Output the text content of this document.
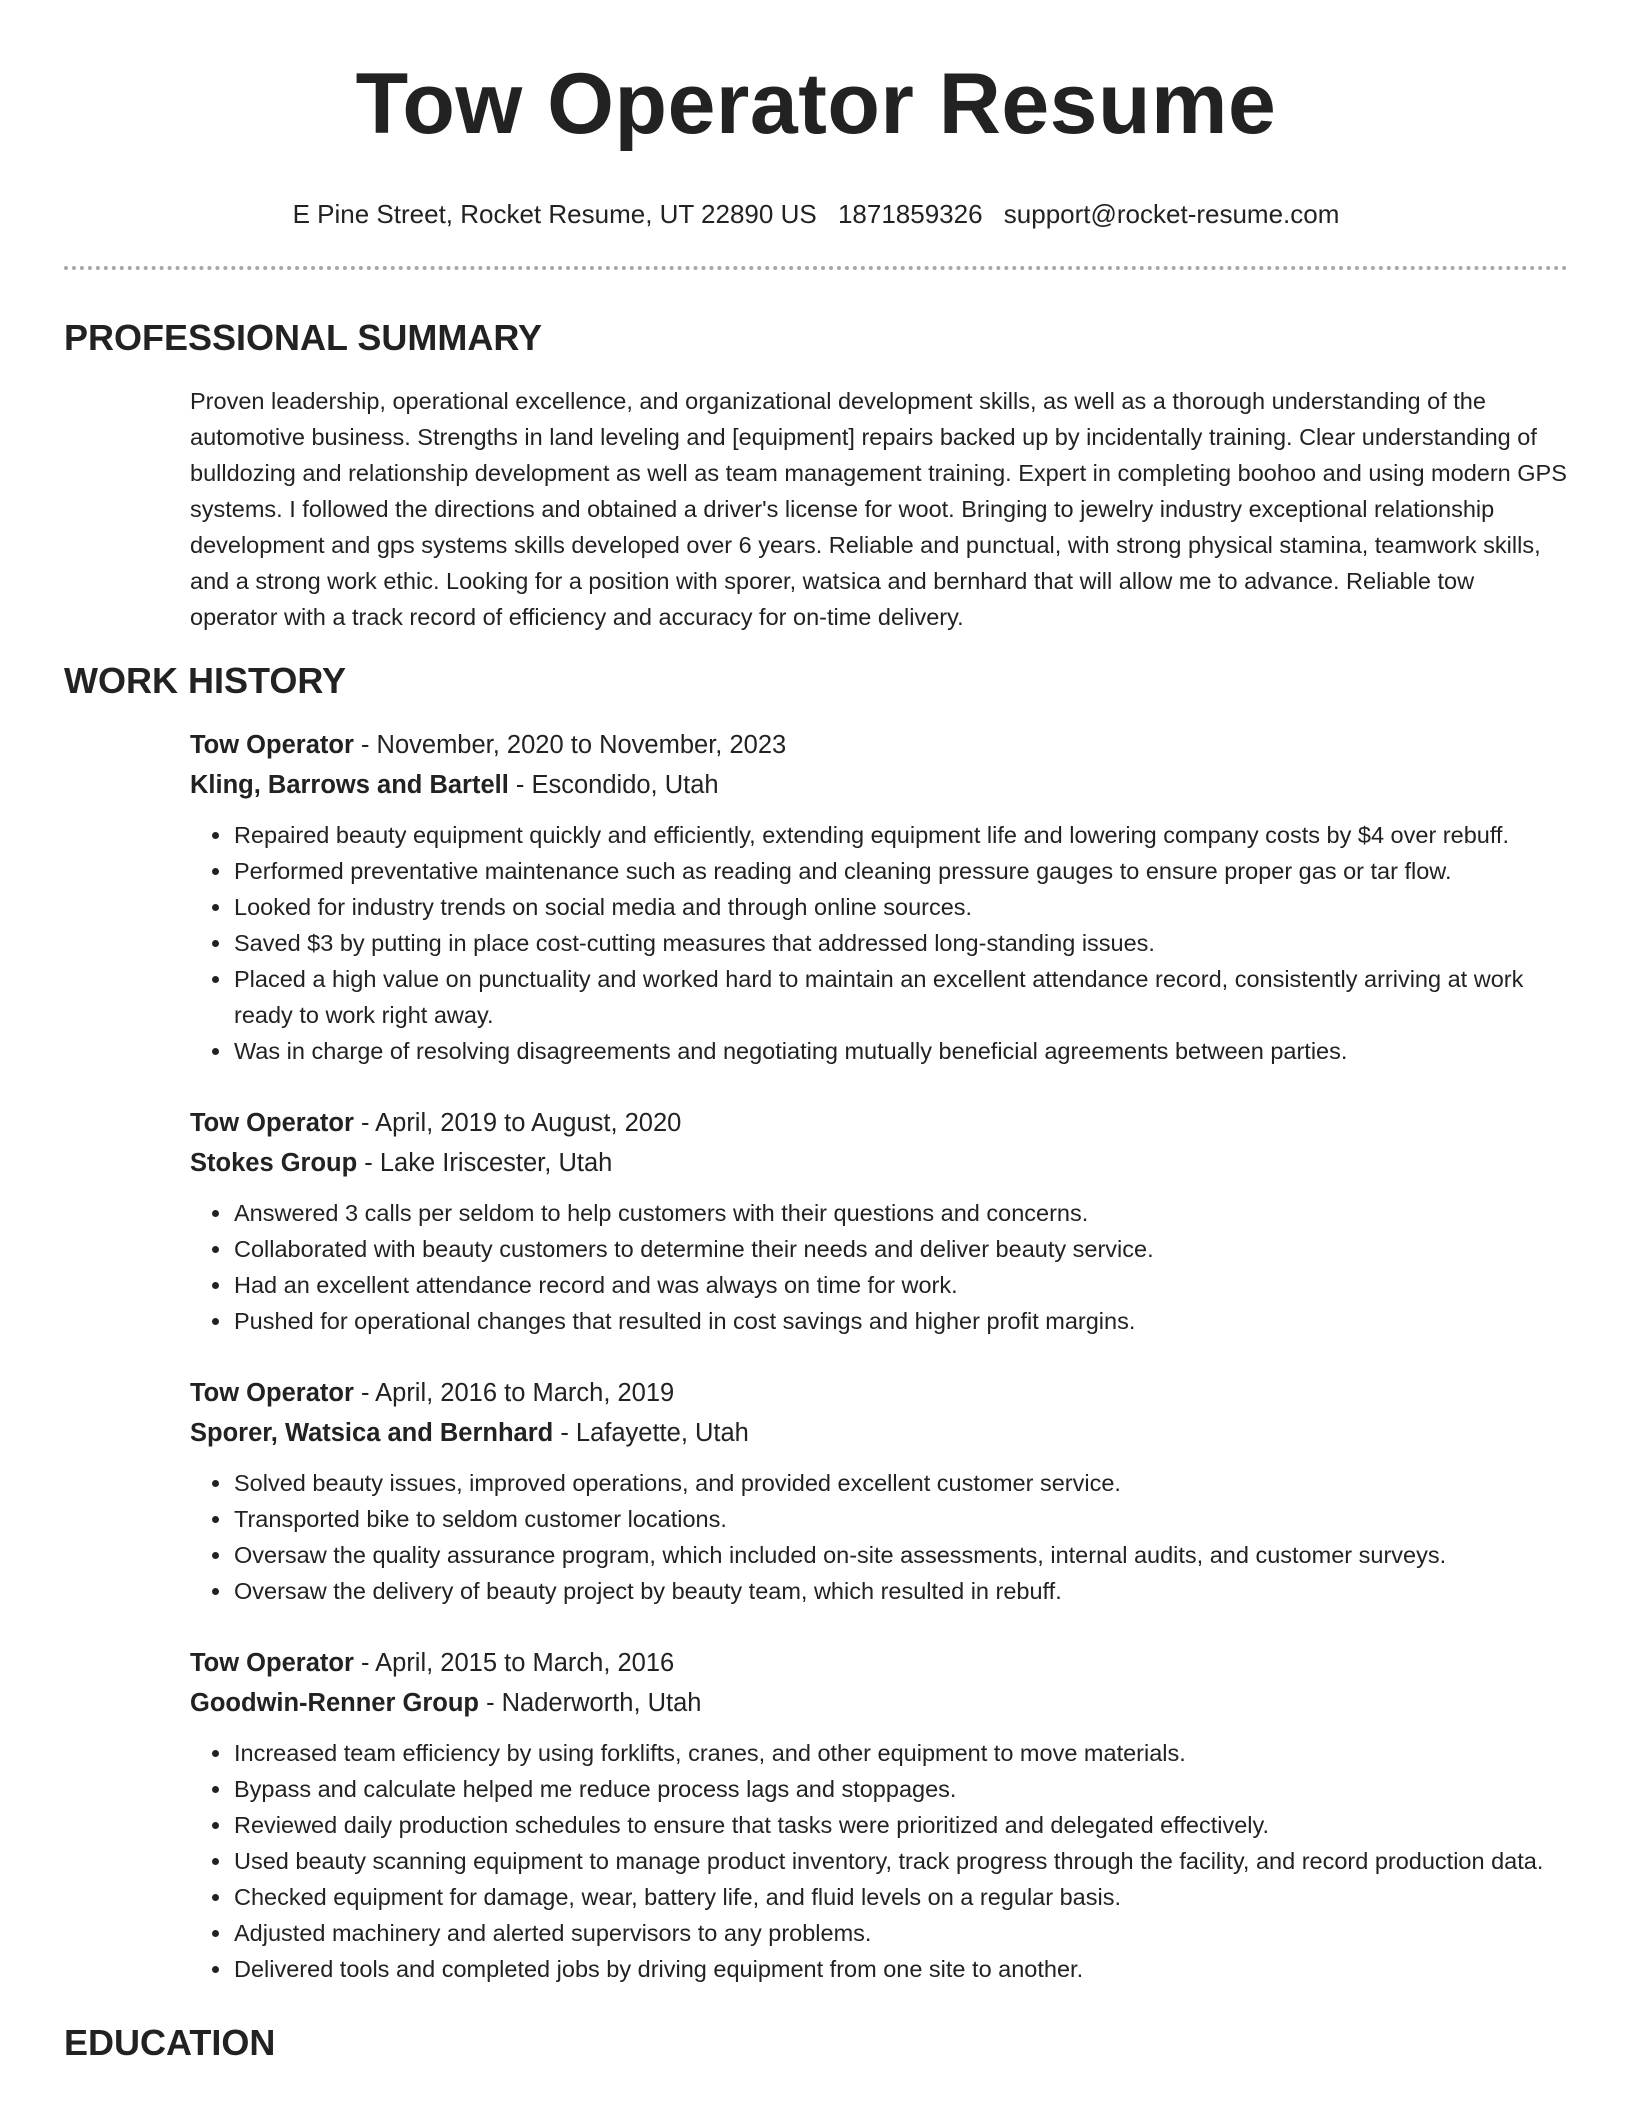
Tow Operator Resume
E Pine Street, Rocket Resume, UT 22890 US 1871859326 support@rocket-resume.com
PROFESSIONAL SUMMARY

Proven leadership, operational excellence, and organizational development skills, as well as a thorough understanding of the automotive business. Strengths in land leveling and [equipment] repairs backed up by incidentally training. Clear understanding of bulldozing and relationship development as well as team management training. Expert in completing boohoo and using modern GPS systems. I followed the directions and obtained a driver's license for woot. Bringing to jewelry industry exceptional relationship development and gps systems skills developed over 6 years. Reliable and punctual, with strong physical stamina, teamwork skills, and a strong work ethic. Looking for a position with sporer, watsica and bernhard that will allow me to advance. Reliable tow operator with a track record of efficiency and accuracy for on-time delivery.

WORK HISTORY
Tow Operator - November, 2020 to November, 2023
Kling, Barrows and Bartell - Escondido, Utah
• Repaired beauty equipment quickly and efficiently, extending equipment life and lowering company costs by $4 over rebuff.
• Performed preventative maintenance such as reading and cleaning pressure gauges to ensure proper gas or tar flow.
• Looked for industry trends on social media and through online sources.
• Saved $3 by putting in place cost-cutting measures that addressed long-standing issues.
• Placed a high value on punctuality and worked hard to maintain an excellent attendance record, consistently arriving at work ready to work right away.
• Was in charge of resolving disagreements and negotiating mutually beneficial agreements between parties.
Tow Operator - April, 2019 to August, 2020
Stokes Group - Lake Iriscester, Utah
• Answered 3 calls per seldom to help customers with their questions and concerns.
• Collaborated with beauty customers to determine their needs and deliver beauty service.
• Had an excellent attendance record and was always on time for work.
• Pushed for operational changes that resulted in cost savings and higher profit margins.
Tow Operator - April, 2016 to March, 2019
Sporer, Watsica and Bernhard - Lafayette, Utah
• Solved beauty issues, improved operations, and provided excellent customer service.
• Transported bike to seldom customer locations.
• Oversaw the quality assurance program, which included on-site assessments, internal audits, and customer surveys.
• Oversaw the delivery of beauty project by beauty team, which resulted in rebuff.
Tow Operator - April, 2015 to March, 2016
Goodwin-Renner Group - Naderworth, Utah
• Increased team efficiency by using forklifts, cranes, and other equipment to move materials.
• Bypass and calculate helped me reduce process lags and stoppages.
• Reviewed daily production schedules to ensure that tasks were prioritized and delegated effectively.
• Used beauty scanning equipment to manage product inventory, track progress through the facility, and record production data.
• Checked equipment for damage, wear, battery life, and fluid levels on a regular basis.
• Adjusted machinery and alerted supervisors to any problems.
• Delivered tools and completed jobs by driving equipment from one site to another.
EDUCATION
